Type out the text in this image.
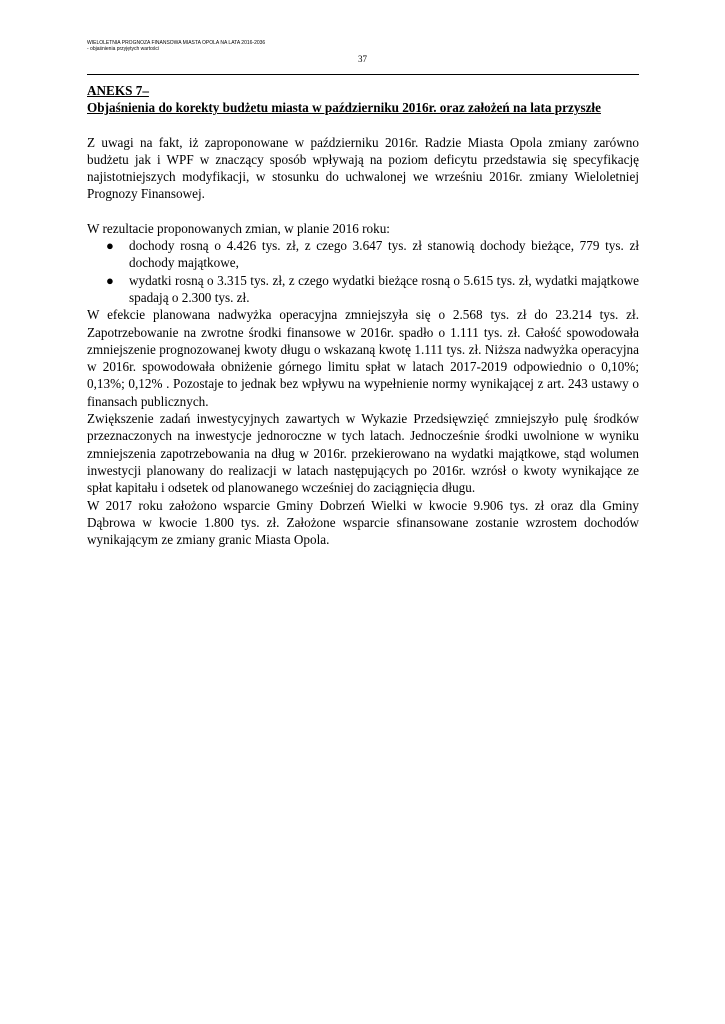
WIELOLETNIA PROGNOZA FINANSOWA MIASTA OPOLA NA LATA 2016-2036
- objaśnienia przyjętych wartości
37
ANEKS 7–
Objaśnienia do korekty budżetu miasta w październiku 2016r. oraz założeń na lata przyszłe

Z uwagi na fakt, iż zaproponowane w październiku 2016r. Radzie Miasta Opola zmiany zarówno budżetu jak i WPF w znaczący sposób wpływają na poziom deficytu przedstawia się specyfikację najistotniejszych modyfikacji, w stosunku do uchwalonej we wrześniu 2016r. zmiany Wieloletniej Prognozy Finansowej.

W rezultacie proponowanych zmian, w planie 2016 roku:

● dochody rosną o 4.426 tys. zł, z czego 3.647 tys. zł stanowią dochody bieżące, 779 tys. zł dochody majątkowe,
● wydatki rosną o 3.315 tys. zł, z czego wydatki bieżące rosną o 5.615 tys. zł, wydatki majątkowe spadają o 2.300 tys. zł.

W efekcie planowana nadwyżka operacyjna zmniejszyła się o 2.568 tys. zł do 23.214 tys. zł. Zapotrzebowanie na zwrotne środki finansowe w 2016r. spadło o 1.111 tys. zł. Całość spowodowała zmniejszenie prognozowanej kwoty długu o wskazaną kwotę 1.111 tys. zł. Niższa nadwyżka operacyjna w 2016r. spowodowała obniżenie górnego limitu spłat w latach 2017-2019 odpowiednio o 0,10%; 0,13%; 0,12% . Pozostaje to jednak bez wpływu na wypełnienie normy wynikającej z art. 243 ustawy o finansach publicznych.

Zwiększenie zadań inwestycyjnych zawartych w Wykazie Przedsięwzięć zmniejszyło pulę środków przeznaczonych na inwestycje jednoroczne w tych latach. Jednocześnie środki uwolnione w wyniku zmniejszenia zapotrzebowania na dług w 2016r. przekierowano na wydatki majątkowe, stąd wolumen inwestycji planowany do realizacji w latach następujących po 2016r. wzrósł o kwoty wynikające ze spłat kapitału i odsetek od planowanego wcześniej do zaciągnięcia długu.

W 2017 roku założono wsparcie Gminy Dobrzeń Wielki w kwocie 9.906 tys. zł oraz dla Gminy Dąbrowa w kwocie 1.800 tys. zł. Założone wsparcie sfinansowane zostanie wzrostem dochodów wynikającym ze zmiany granic Miasta Opola.
